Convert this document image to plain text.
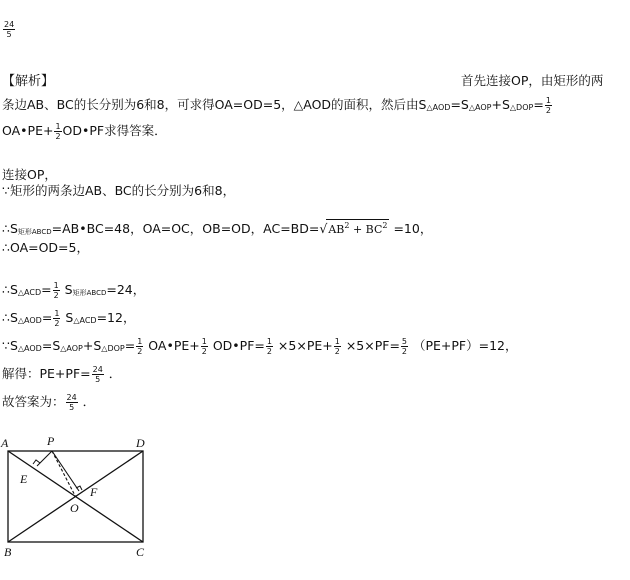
$\frac{24}{5}$
【解析】	首先连接OP，由矩形的两
条边AB、BC的长分别为6和8，可求得OA=OD=5，△AOD的面积，然后由S△AOD=S△AOP+S△DOP= $\frac{1}{2}$
OA•PE+ $\frac{1}{2}$ OD•PF求得答案．
连接OP，
∵矩形的两条边AB、BC的长分别为6和8，
∴S矩形ABCD=AB•BC=48，OA=OC，OB=OD，$AC=BD=√AB^2 + BC^2 =10$，
∴OA=OD=5，
∴S△ACD= $\frac{1}{2}$ S矩形ABCD=24，
∴S△AOD= $\frac{1}{2}$ S△ACD=12，
∵S△AOD=S△AOP+S△DOP= $\frac{1}{2}$ OA•PE+ $\frac{1}{2}$ OD•PF= $\frac{1}{2} \times 5\times PE+ \frac{1}{2} \times 5\times PF= \frac{5}{2} (PE+PF)=12$，
解得：$PE+PF= \frac{24}{5}$ ．
故答案为： $\frac{24}{5}$ ．
A	P	D
E
F
O
B	C
